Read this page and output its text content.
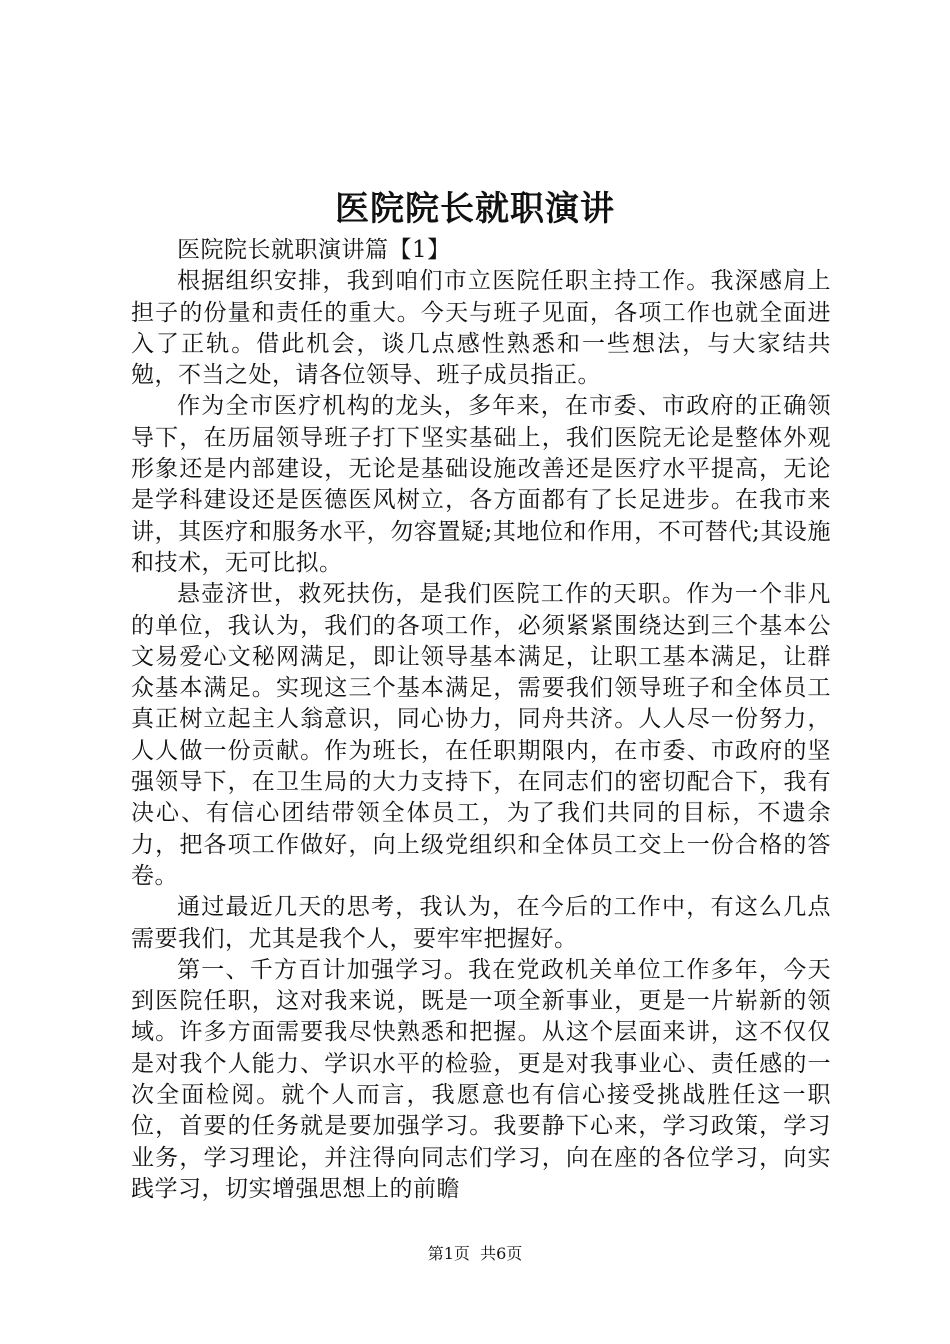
医院院长就职演讲

医院院长就职演讲篇【1】

根据组织安排，我到咱们市立医院任职主持工作。我深感肩上担子的份量和责任的重大。今天与班子见面，各项工作也就全面进入了正轨。借此机会，谈几点感性熟悉和一些想法，与大家结共勉，不当之处，请各位领导、班子成员指正。

作为全市医疗机构的龙头，多年来，在市委、市政府的正确领导下，在历届领导班子打下坚实基础上，我们医院无论是整体外观形象还是内部建设，无论是基础设施改善还是医疗水平提高，无论是学科建设还是医德医风树立，各方面都有了长足进步。在我市来讲，其医疗和服务水平，勿容置疑;其地位和作用，不可替代;其设施和技术，无可比拟。

悬壶济世，救死扶伤，是我们医院工作的天职。作为一个非凡的单位，我认为，我们的各项工作，必须紧紧围绕达到三个基本公文易爱心文秘网满足，即让领导基本满足，让职工基本满足，让群众基本满足。实现这三个基本满足，需要我们领导班子和全体员工真正树立起主人翁意识，同心协力，同舟共济。人人尽一份努力，人人做一份贡献。作为班长，在任职期限内，在市委、市政府的坚强领导下，在卫生局的大力支持下，在同志们的密切配合下，我有决心、有信心团结带领全体员工，为了我们共同的目标，不遗余力，把各项工作做好，向上级党组织和全体员工交上一份合格的答卷。

通过最近几天的思考，我认为，在今后的工作中，有这么几点需要我们，尤其是我个人，要牢牢把握好。

第一、千方百计加强学习。我在党政机关单位工作多年，今天到医院任职，这对我来说，既是一项全新事业，更是一片崭新的领域。许多方面需要我尽快熟悉和把握。从这个层面来讲，这不仅仅是对我个人能力、学识水平的检验，更是对我事业心、责任感的一次全面检阅。就个人而言，我愿意也有信心接受挑战胜任这一职位，首要的任务就是要加强学习。我要静下心来，学习政策，学习业务，学习理论，并注得向同志们学习，向在座的各位学习，向实践学习，切实增强思想上的前瞻

第1页 共6页
